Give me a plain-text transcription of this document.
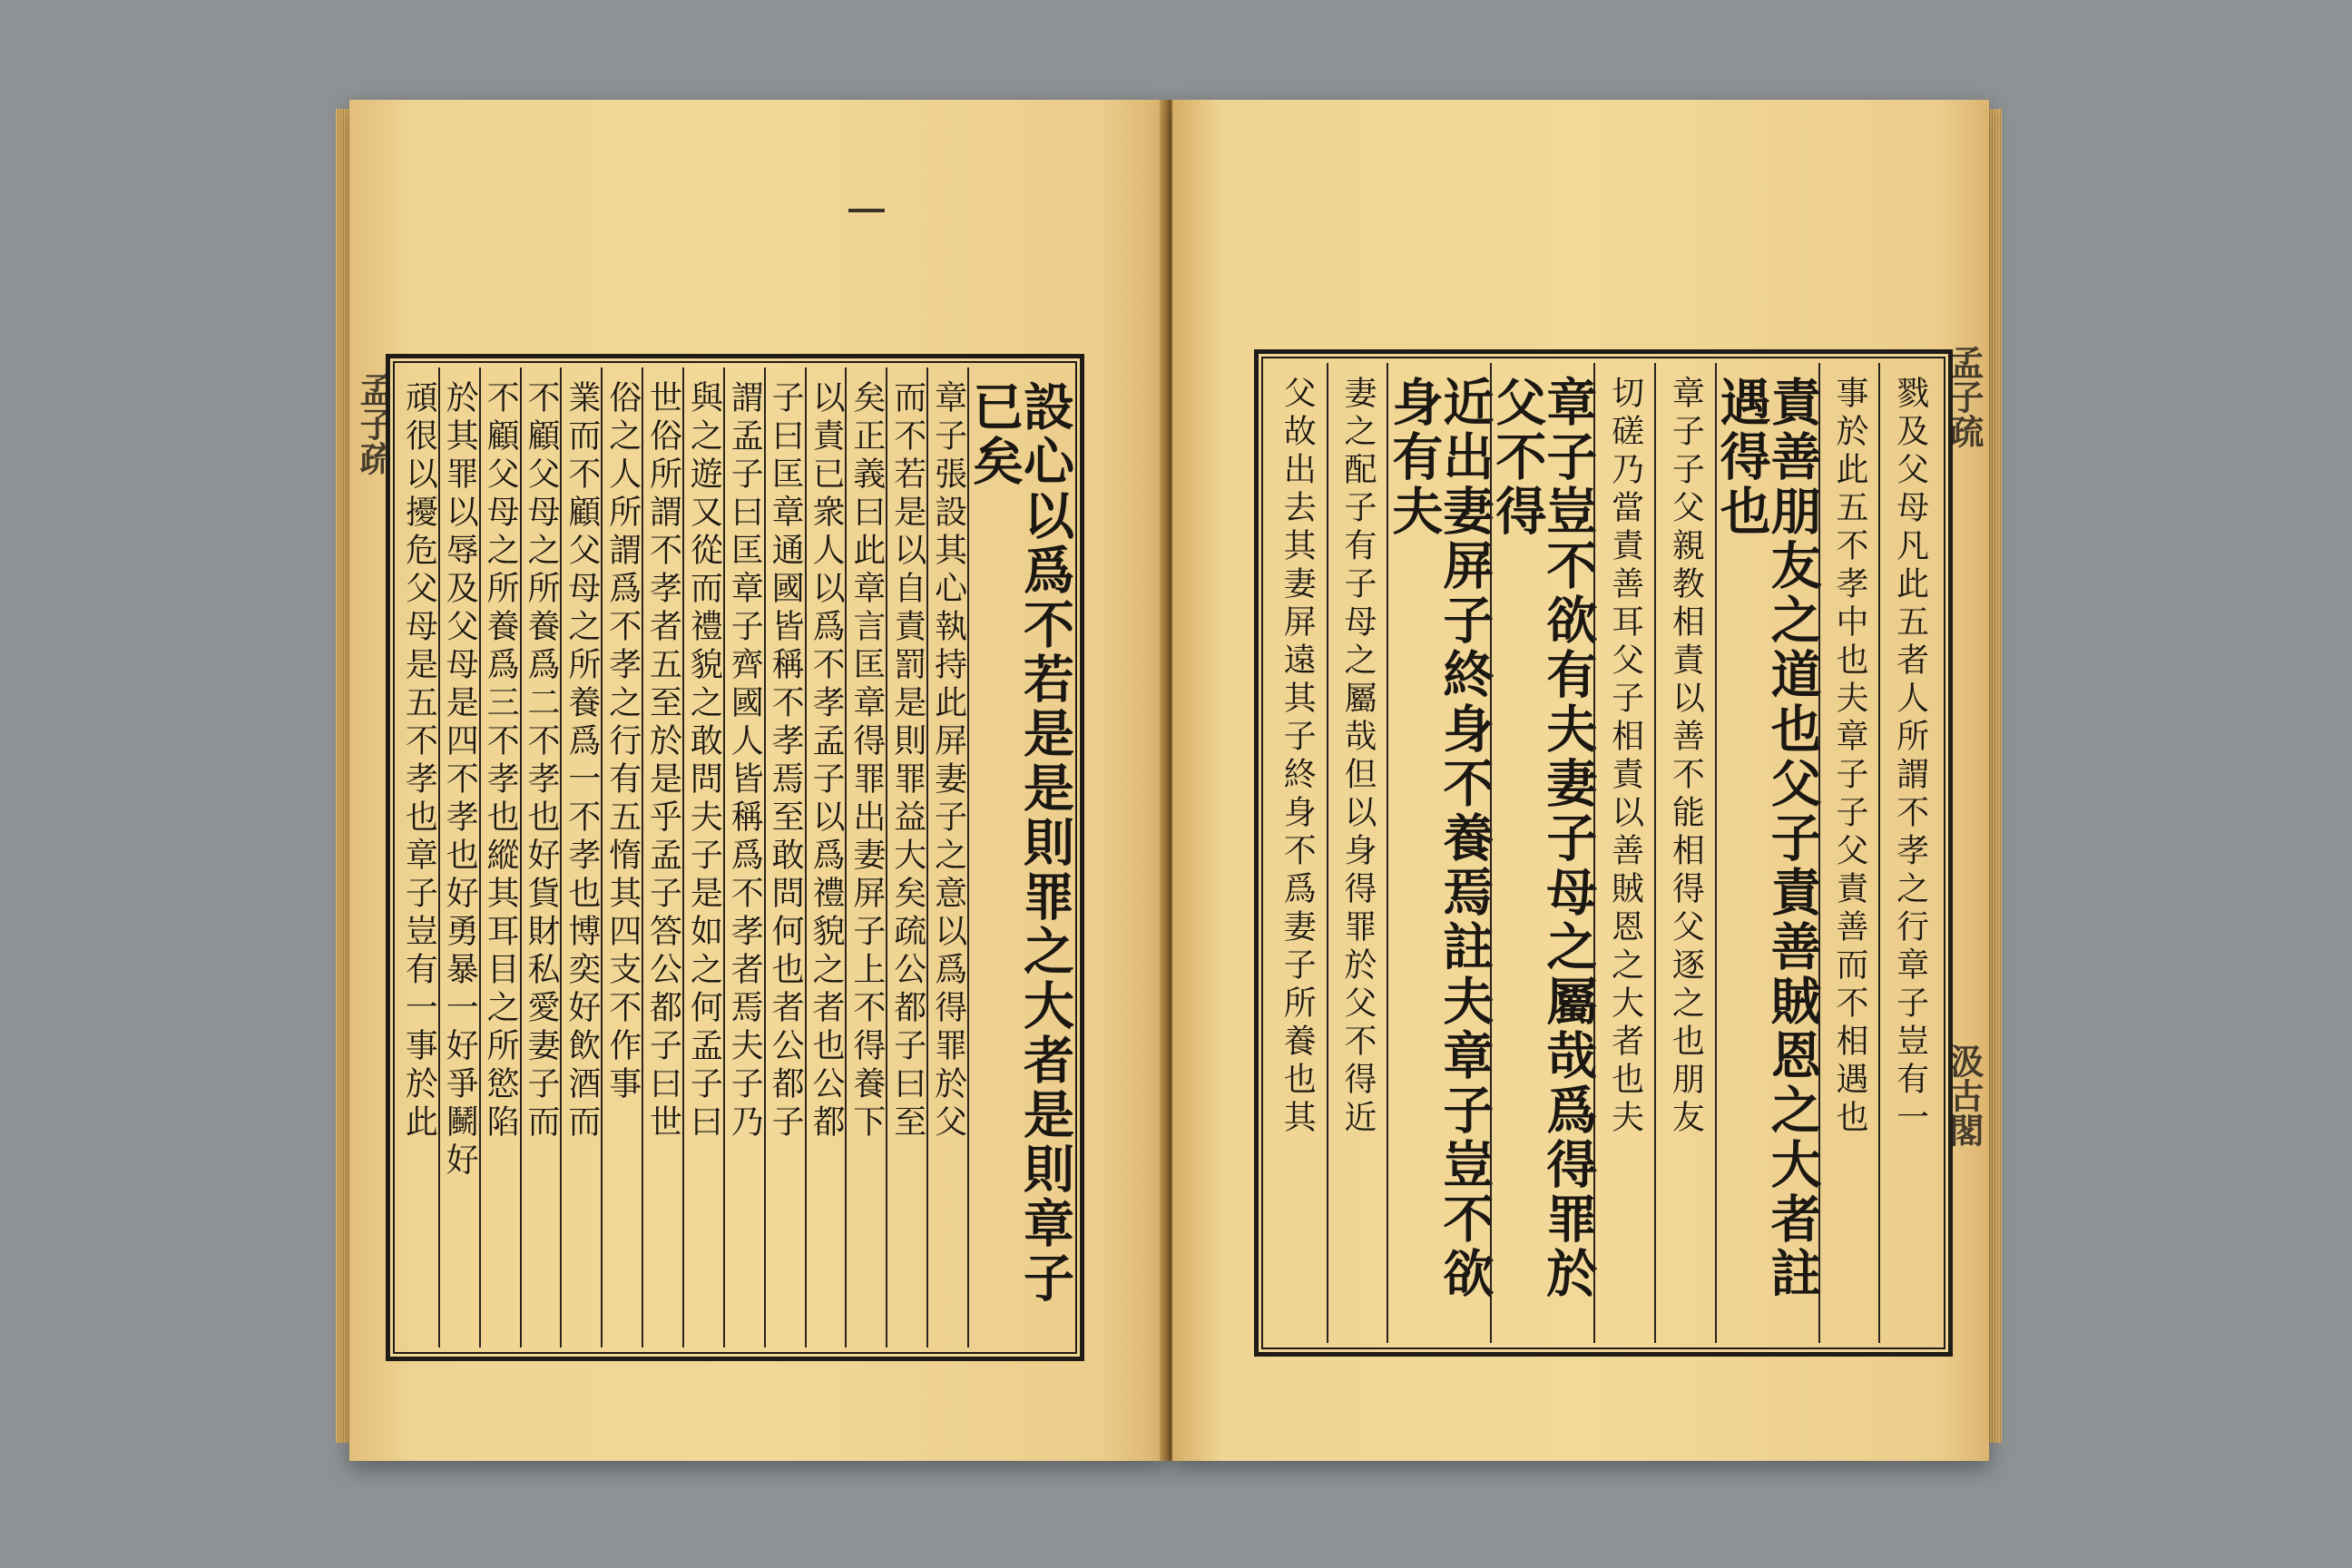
孟子疏	設心以爲不若是是則罪之大者是則章子已矣
章子張設其心執持此屏妻子之意以爲得罪於父
而不若是以自責罰是則罪益大矣疏公都子曰至
矣正義曰此章言匡章得罪出妻屏子上不得養下
以責已衆人以爲不孝孟子以爲禮貌之者也公都
子曰匡章通國皆稱不孝焉至敢問何也者公都子
謂孟子曰匡章子齊國人皆稱爲不孝者焉夫子乃
與之遊又從而禮貌之敢問夫子是如之何孟子曰
世俗所謂不孝者五至於是乎孟子答公都子曰世
俗之人所謂爲不孝之行有五惰其四支不作事
業而不顧父母之所養爲一不孝也博奕好飲酒而
不顧父母之所養爲二不孝也好貨財私愛妻子而
不顧父母之所養爲三不孝也縱其耳目之所慾陷
於其罪以辱及父母是四不孝也好勇暴一好爭鬭好
頑很以擾危父母是五不孝也章子豈有一事於此	孟子疏
汲古閣
戮及父母凡此五者人所謂不孝之行章子豈有一
事於此五不孝中也夫章子子父責善而不相遇也
責善朋友之道也父子責善賊恩之大者註遇得也
章子子父親教相責以善不能相得父逐之也朋友
切磋乃當責善耳父子相責以善賊恩之大者也夫
章子豈不欲有夫妻子母之屬哉爲得罪於父不得
近出妻屏子終身不養焉註夫章子豈不欲身有夫
妻之配子有子母之屬哉但以身得罪於父不得近
父故出去其妻屏遠其子終身不爲妻子所養也其
